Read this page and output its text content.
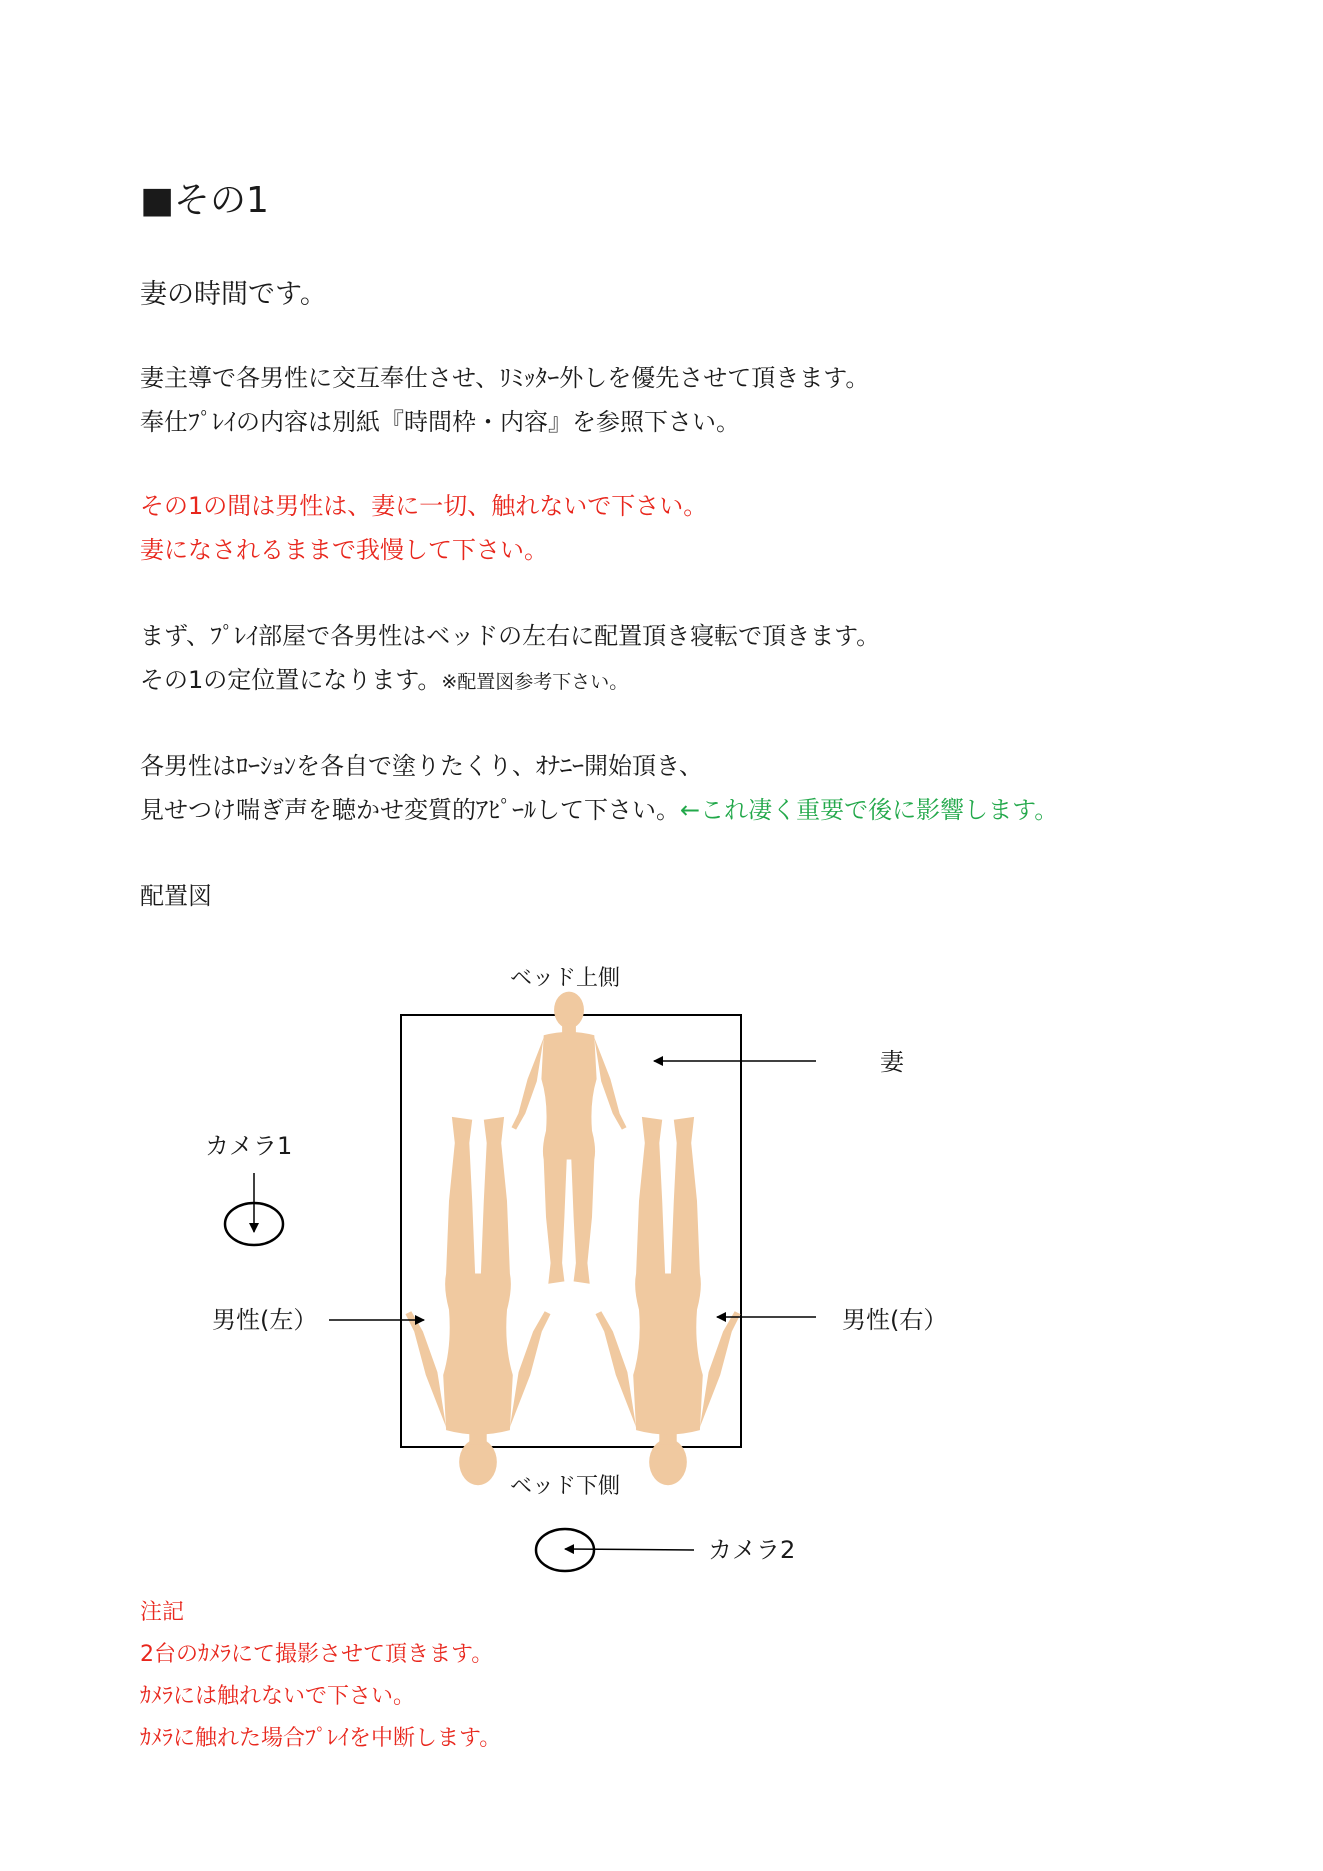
■その1
妻の時間です。
妻主導で各男性に交互奉仕させ、ﾘﾐｯﾀｰ外しを優先させて頂きます。
奉仕ﾌﾟﾚｲの内容は別紙『時間枠・内容』を参照下さい。
その1の間は男性は、妻に一切、触れないで下さい。
妻になされるままで我慢して下さい。
まず、ﾌﾟﾚｲ部屋で各男性はベッドの左右に配置頂き寝転で頂きます。
その1の定位置になります。※配置図参考下さい。
各男性はﾛｰｼｮﾝを各自で塗りたくり、ｵﾅﾆｰ開始頂き、
見せつけ喘ぎ声を聴かせ変質的ｱﾋﾟｰﾙして下さい。←これ凄く重要で後に影響します。
配置図
ベッド上側
妻
カメラ1
男性(左）	男性(右）
ベッド下側
カメラ2
注記
2台のｶﾒﾗにて撮影させて頂きます。
ｶﾒﾗには触れないで下さい。
ｶﾒﾗに触れた場合ﾌﾟﾚｲを中断します。
